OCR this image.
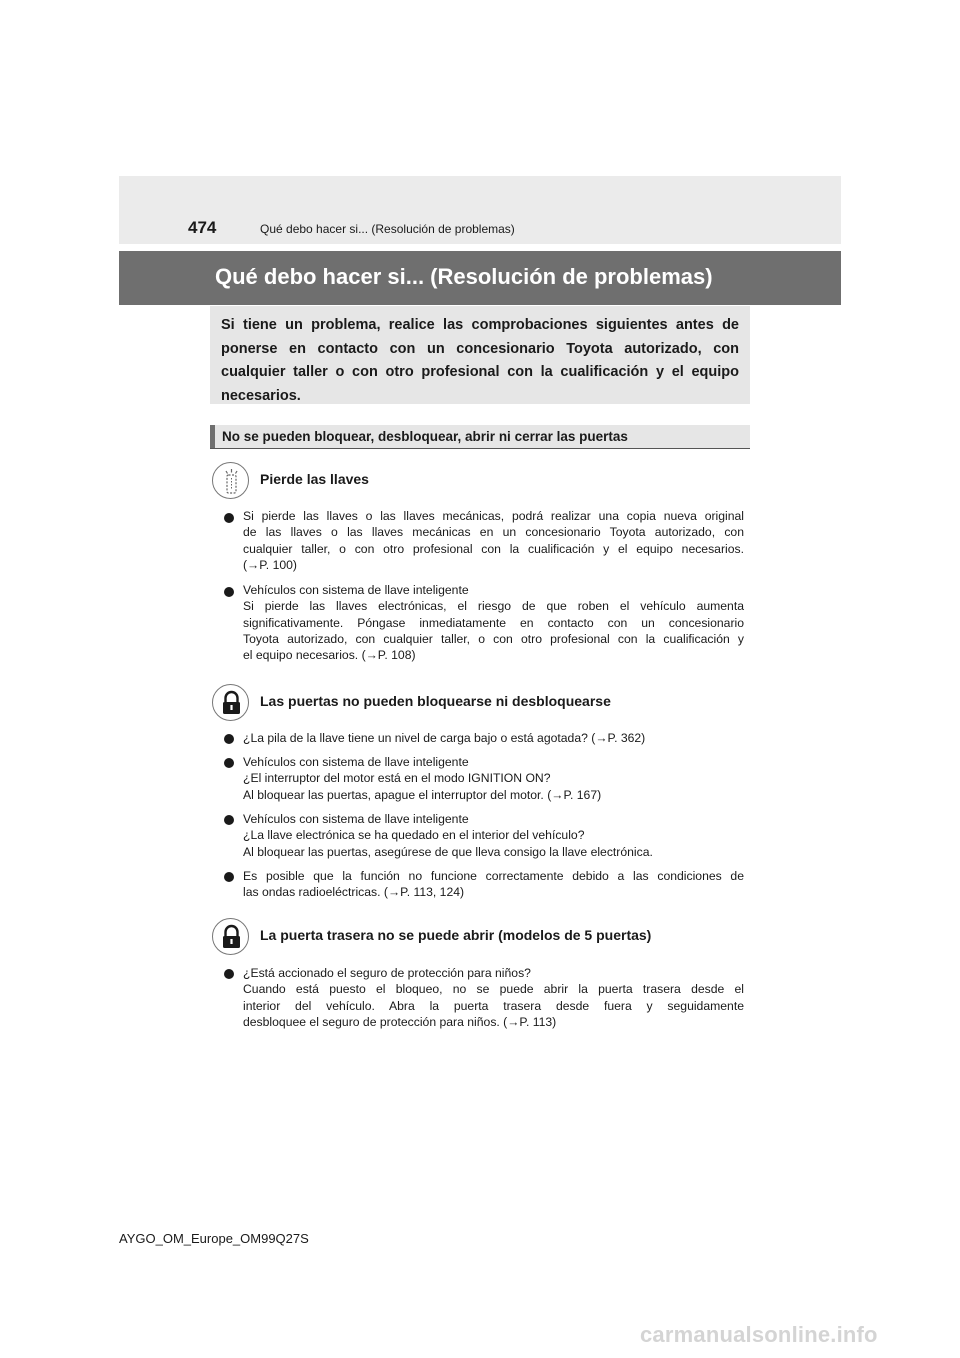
474	Qué debo hacer si... (Resolución de problemas)
Qué debo hacer si... (Resolución de problemas)
Si tiene un problema, realice las comprobaciones siguientes antes de ponerse en contacto con un concesionario Toyota autorizado, con cualquier taller o con otro profesional con la cualificación y el equipo necesarios.
No se pueden bloquear, desbloquear, abrir ni cerrar las puertas
Pierde las llaves
Si pierde las llaves o las llaves mecánicas, podrá realizar una copia nueva original
de las llaves o las llaves mecánicas en un concesionario Toyota autorizado, con
cualquier taller, o con otro profesional con la cualificación y el equipo necesarios.
(→P. 100)
Vehículos con sistema de llave inteligente
Si pierde las llaves electrónicas, el riesgo de que roben el vehículo aumenta
significativamente. Póngase inmediatamente en contacto con un concesionario
Toyota autorizado, con cualquier taller, o con otro profesional con la cualificación y
el equipo necesarios. (→P. 108)
Las puertas no pueden bloquearse ni desbloquearse
¿La pila de la llave tiene un nivel de carga bajo o está agotada? (→P. 362)
Vehículos con sistema de llave inteligente
¿El interruptor del motor está en el modo IGNITION ON?
Al bloquear las puertas, apague el interruptor del motor. (→P. 167)
Vehículos con sistema de llave inteligente
¿La llave electrónica se ha quedado en el interior del vehículo?
Al bloquear las puertas, asegúrese de que lleva consigo la llave electrónica.
Es posible que la función no funcione correctamente debido a las condiciones de
las ondas radioeléctricas. (→P. 113, 124)
La puerta trasera no se puede abrir (modelos de 5 puertas)
¿Está accionado el seguro de protección para niños?
Cuando está puesto el bloqueo, no se puede abrir la puerta trasera desde el
interior del vehículo. Abra la puerta trasera desde fuera y seguidamente
desbloquee el seguro de protección para niños. (→P. 113)
AYGO_OM_Europe_OM99Q27S
carmanualsonline.info
